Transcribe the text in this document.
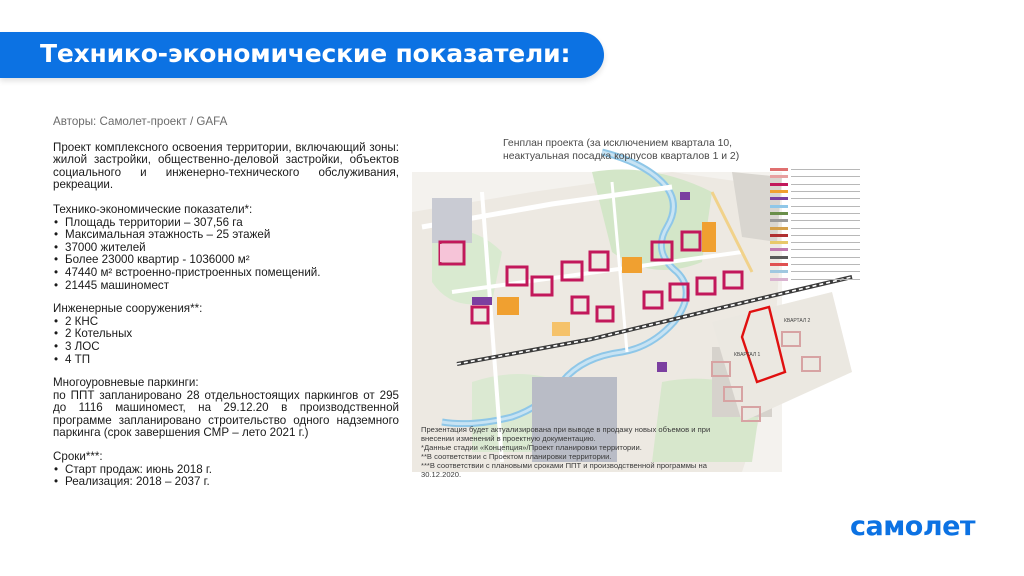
Технико-экономические показатели:
Авторы: Самолет-проект / GAFA
Проект комплексного освоения территории, включающий зоны: жилой застройки, общественно-деловой застройки, объектов социального и инженерно-технического обслуживания, рекреации.
Технико-экономические показатели*:
• Площадь территории – 307,56 га
• Максимальная этажность – 25 этажей
• 37000 жителей
• Более 23000 квартир - 1036000 м²
• 47440 м² встроенно-пристроенных помещений.
• 21445 машиномест
Инженерные сооружения**:
• 2 КНС
• 2 Котельных
• 3 ЛОС
• 4 ТП
Многоуровневые паркинги:
по ППТ запланировано 28 отдельностоящих паркингов от 295 до 1116 машиномест, на 29.12.20 в производственной программе запланировано строительство одного надземного паркинга (срок завершения СМР – лето 2021 г.)
Сроки***:
• Старт продаж: июнь 2018 г.
• Реализация: 2018 – 2037 г.
КВАРТАЛ 1
КВАРТАЛ 2
Генплан проекта (за исключением квартала 10, неактуальная посадка корпусов кварталов 1 и 2)
Презентация будет актуализирована при выводе в продажу новых объемов и при внесении изменений в проектную документацию.
*Данные стадии «Концепция»/Проект планировки территории.
**В соответствии с Проектом планировки территории.
***В соответствии с плановыми сроками ППТ и производственной программы на 30.12.2020.
самолет
